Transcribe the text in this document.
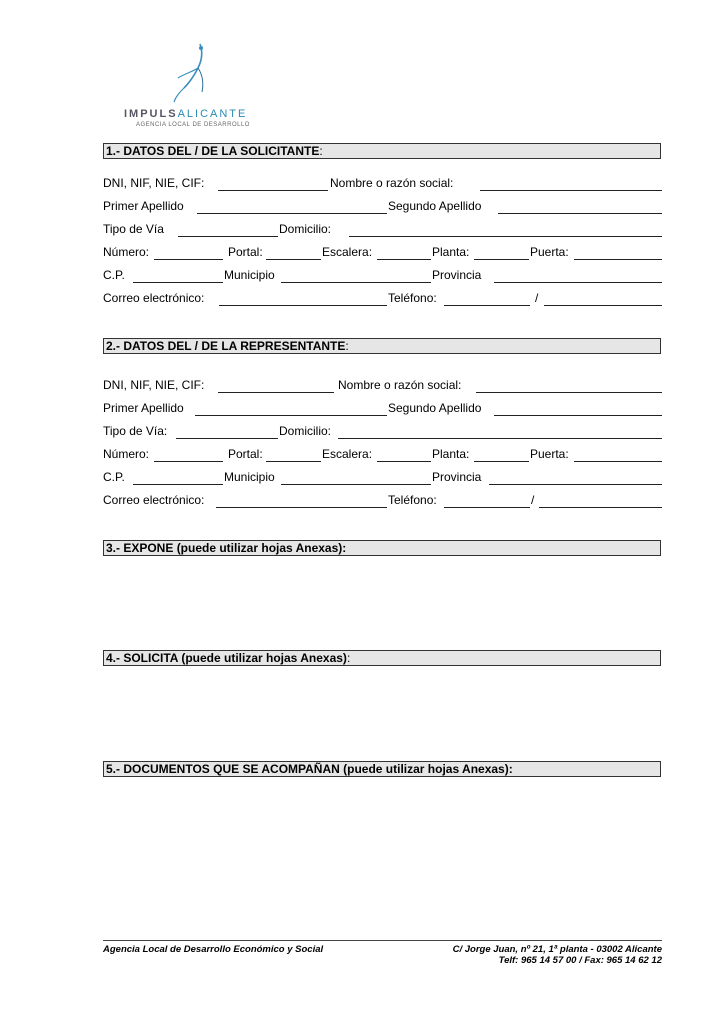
IMPULSALICANTE
AGENCIA LOCAL DE DESARROLLO
1.- DATOS DEL / DE LA SOLICITANTE:
DNI, NIF, NIE, CIF:	Nombre o razón social:
Primer Apellido	Segundo Apellido
Tipo de Vía	Domicilio:
Número:	Portal:	Escalera:	Planta:	Puerta:
C.P.	Municipio	Provincia
Correo electrónico:	Teléfono:	/
2.- DATOS DEL / DE LA REPRESENTANTE:
DNI, NIF, NIE, CIF:	Nombre o razón social:
Primer Apellido	Segundo Apellido
Tipo de Vía:	Domicilio:
Número:	Portal:	Escalera:	Planta:	Puerta:
C.P.	Municipio	Provincia
Correo electrónico:	Teléfono:	/
3.- EXPONE (puede utilizar hojas Anexas):
4.- SOLICITA (puede utilizar hojas Anexas):
5.- DOCUMENTOS QUE SE ACOMPAÑAN (puede utilizar hojas Anexas):
Agencia Local de Desarrollo Económico y Social	C/ Jorge Juan, nº 21, 1ª planta - 03002 Alicante
Telf: 965 14 57 00 / Fax: 965 14 62 12
